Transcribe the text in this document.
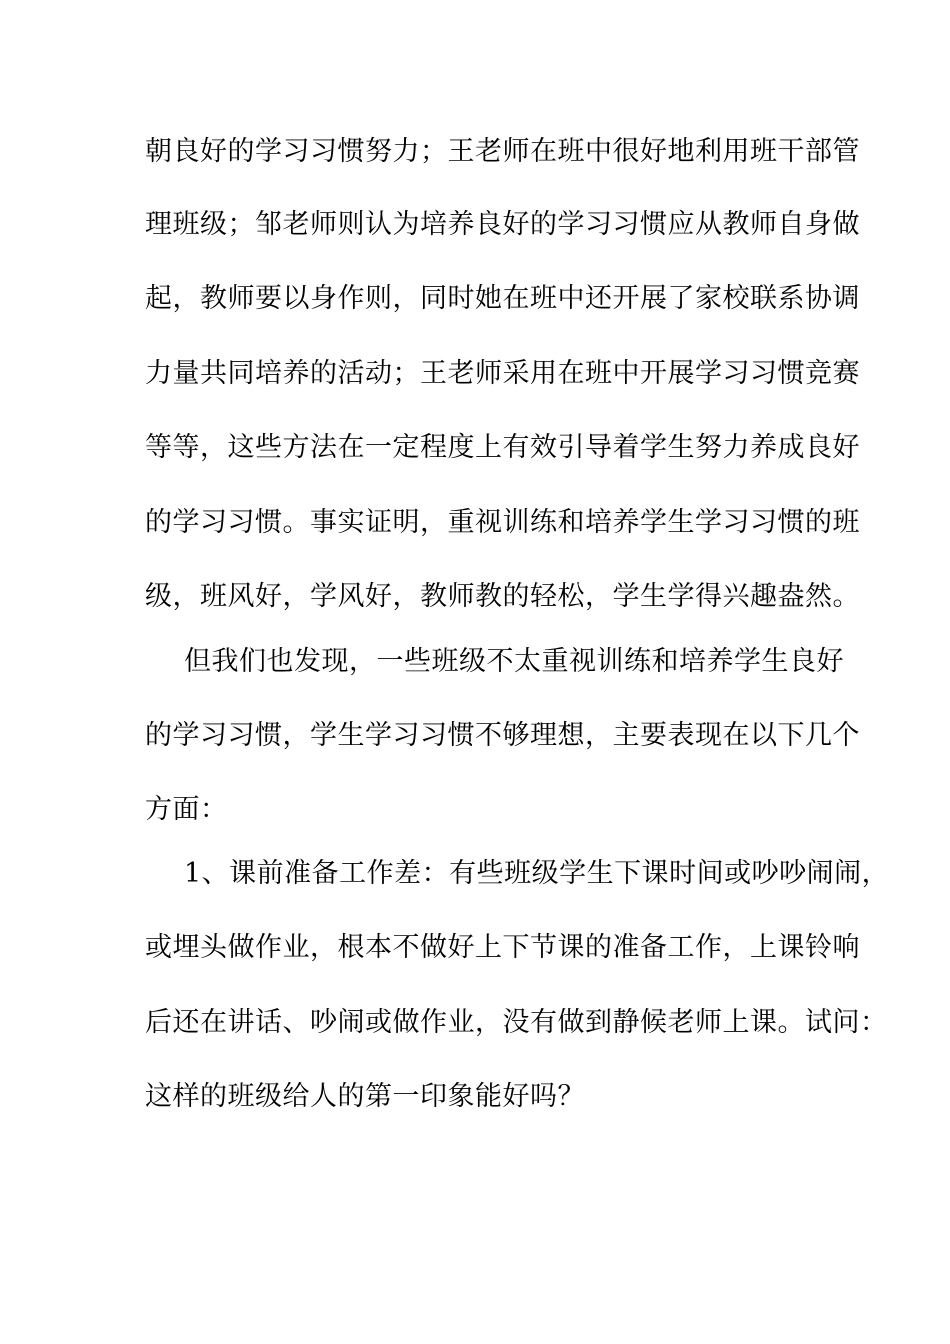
朝良好的学习习惯努力；王老师在班中很好地利用班干部管
理班级；邹老师则认为培养良好的学习习惯应从教师自身做
起，教师要以身作则，同时她在班中还开展了家校联系协调
力量共同培养的活动；王老师采用在班中开展学习习惯竞赛
等等，这些方法在一定程度上有效引导着学生努力养成良好
的学习习惯。事实证明，重视训练和培养学生学习习惯的班
级，班风好，学风好，教师教的轻松，学生学得兴趣盎然。
但我们也发现，一些班级不太重视训练和培养学生良好
的学习习惯，学生学习习惯不够理想，主要表现在以下几个
方面：
1、课前准备工作差：有些班级学生下课时间或吵吵闹闹，
或埋头做作业，根本不做好上下节课的准备工作，上课铃响
后还在讲话、吵闹或做作业，没有做到静候老师上课。试问：
这样的班级给人的第一印象能好吗？
